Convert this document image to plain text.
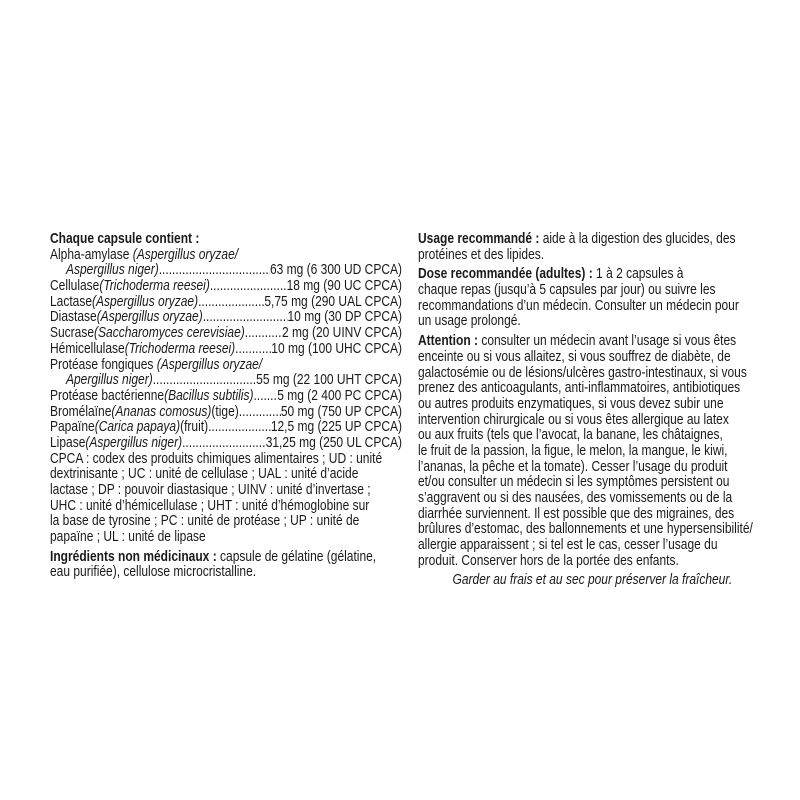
Chaque capsule contient :
Alpha-amylase (Aspergillus oryzae/
Aspergillus niger) .....	63 mg (6 300 UD CPCA)
Cellulase (Trichoderma reesei) .....	18 mg (90 UC CPCA)
Lactase (Aspergillus oryzae) .....	5,75 mg (290 UAL CPCA)
Diastase (Aspergillus oryzae) .....	10 mg (30 DP CPCA)
Sucrase (Saccharomyces cerevisiae) ..... 2 mg (20 UINV CPCA)
Hémicellulase (Trichoderma reesei) ..... 10 mg (100 UHC CPCA)
Protéase fongiques (Aspergillus oryzae/
Apergillus niger) .....	55 mg (22 100 UHT CPCA)
Protéase bactérienne (Bacillus subtilis) ..... 5 mg (2 400 PC CPCA)
Bromélaïne (Ananas comosus) (tige) .....	50 mg (750 UP CPCA)
Papaïne (Carica papaya) (fruit) .....	12,5 mg (225 UP CPCA)
Lipase (Aspergillus niger) .....	31,25 mg (250 UL CPCA)
CPCA : codex des produits chimiques alimentaires ; UD : unité
dextrinisante ; UC : unité de cellulase ; UAL : unité d’acide
lactase ; DP : pouvoir diastasique ; UINV : unité d’invertase ;
UHC : unité d’hémicellulase ; UHT : unité d’hémoglobine sur
la base de tyrosine ; PC : unité de protéase ; UP : unité de
papaïne ; UL : unité de lipase
Ingrédients non médicinaux : capsule de gélatine (gélatine,
eau purifiée), cellulose microcristalline.
Usage recommandé : aide à la digestion des glucides, des
protéines et des lipides.
Dose recommandée (adultes) : 1 à 2 capsules à
chaque repas (jusqu’à 5 capsules par jour) ou suivre les
recommandations d’un médecin. Consulter un médecin pour
un usage prolongé.
Attention : consulter un médecin avant l’usage si vous êtes
enceinte ou si vous allaitez, si vous souffrez de diabète, de
galactosémie ou de lésions/ulcères gastro-intestinaux, si vous
prenez des anticoagulants, anti-inflammatoires, antibiotiques
ou autres produits enzymatiques, si vous devez subir une
intervention chirurgicale ou si vous êtes allergique au latex
ou aux fruits (tels que l’avocat, la banane, les châtaignes,
le fruit de la passion, la figue, le melon, la mangue, le kiwi,
l’ananas, la pêche et la tomate). Cesser l’usage du produit
et/ou consulter un médecin si les symptômes persistent ou
s’aggravent ou si des nausées, des vomissements ou de la
diarrhée surviennent. Il est possible que des migraines, des
brûlures d’estomac, des ballonnements et une hypersensibilité/
allergie apparaissent ; si tel est le cas, cesser l’usage du
produit. Conserver hors de la portée des enfants.
Garder au frais et au sec pour préserver la fraîcheur.
